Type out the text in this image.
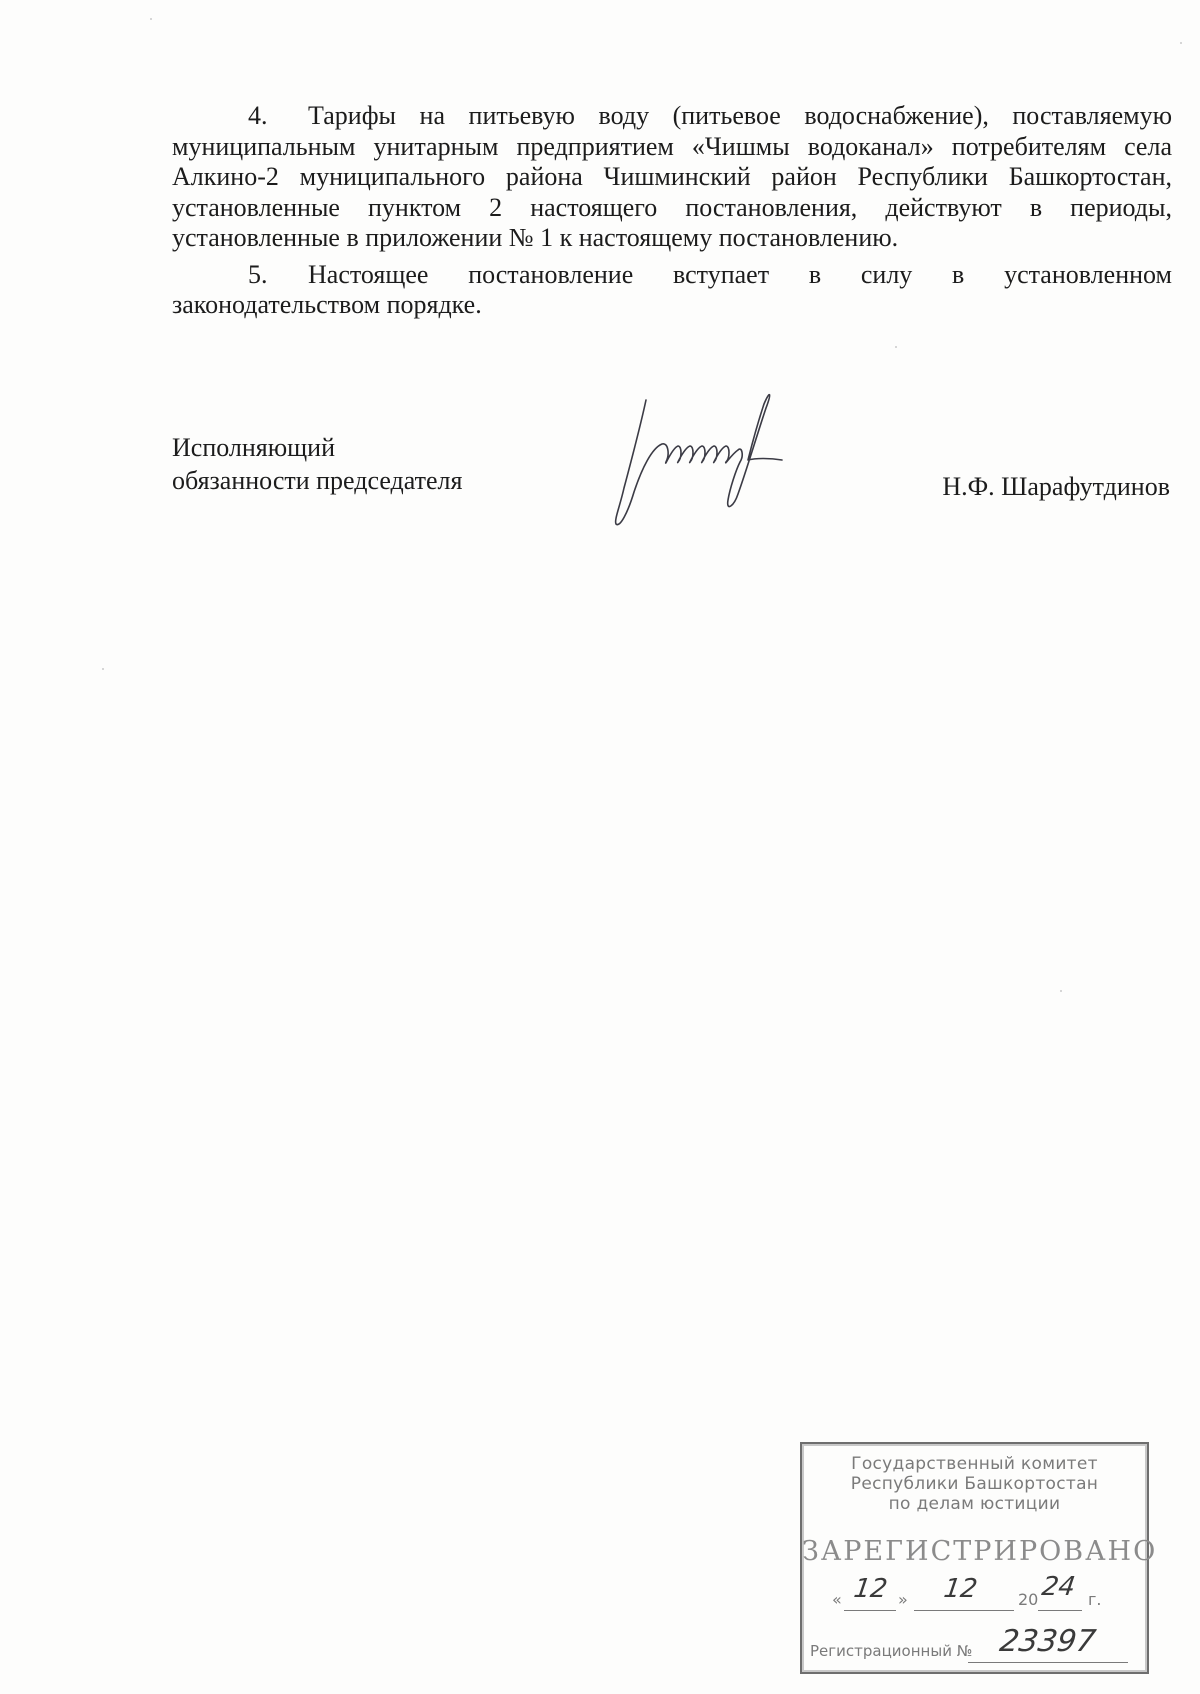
4. Тарифы на питьевую воду (питьевое водоснабжение), поставляемую муниципальным унитарным предприятием «Чишмы водоканал» потребителям села Алкино-2 муниципального района Чишминский район Республики Башкортостан, установленные пунктом 2 настоящего постановления, действуют в периоды, установленные в приложении № 1 к настоящему постановлению.

5. Настоящее постановление вступает в силу в установленном законодательством порядке.

Исполняющий
обязанности председателя	Н.Ф. Шарафутдинов
Государственный комитет
Республики Башкортостан
по делам юстиции
ЗАРЕГИСТРИРОВАНО
« 12 » 12 20 24 г.
Регистрационный № 23397
